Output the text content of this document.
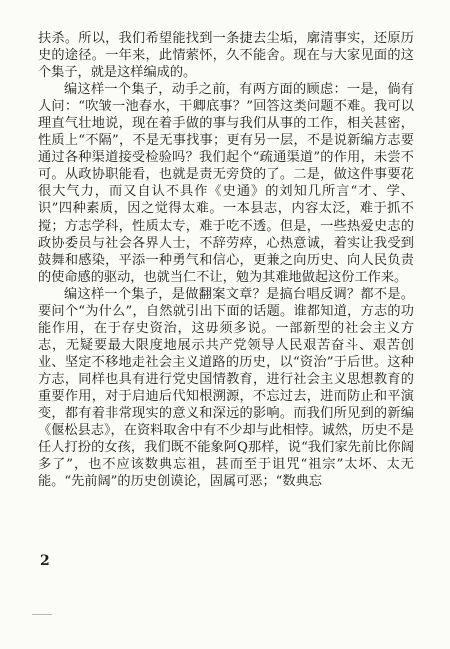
扶杀。所以，我们希望能找到一条捷去尘垢，廓清事实，还原历史的途径。一年来，此情萦怀，久不能舍。现在与大家见面的这个集子，就是这样编成的。

编这样一个集子，动手之前，有两方面的顾虑：一是，倘有人问：“吹皱一池春水，干卿底事？”回答这类问题不难。我可以理直气壮地说，现在着手做的事与我们从事的工作，相关甚密，性质上“不隔”，不是无事找事；更有另一层，不是说新编方志要通过各种渠道接受检验吗？我们起个“疏通渠道”的作用，未尝不可。从政协职能看，也就是责无旁贷的了。二是，做这件事要花很大气力，而又自认不具作《史通》的刘知几所言“才、学、识”四种素质，因之觉得太难。一本县志，内容太泛，难于抓不搅；方志学科，性质太专，难于吃不透。但是，一些热爱史志的政协委员与社会各界人士，不辞劳瘁，心热意诚，着实让我受到鼓舞和感染，平添一种勇气和信心，更兼之向历史、向人民负责的使命感的驱动，也就当仁不让，勉为其难地做起这份工作来。

编这样一个集子，是做翻案文章？是搞台唱反调？都不是。要问个“为什么”，自然就引出下面的话题。谁都知道，方志的功能作用，在于存史资治，这毋须多说。一部新型的社会主义方志，无疑要最大限度地展示共产党领导人民艰苦奋斗、艰苦创业、坚定不移地走社会主义道路的历史，以“资治”于后世。这种方志，同样也具有进行党史国情教育，进行社会主义思想教育的重要作用，对于启迪后代知根溯源，不忘过去，进而防止和平演变，都有着非常现实的意义和深远的影响。而我们所见到的新编《偃松县志》，在资料取舍中有不少却与此相悖。诚然，历史不是任人打扮的女孩，我们既不能象阿Q那样，说“我们家先前比你阔多了”，也不应该数典忘祖，甚而至于诅咒“祖宗”太坏、太无能。“先前阔”的历史创谟论，固属可恶；“数典忘

2
